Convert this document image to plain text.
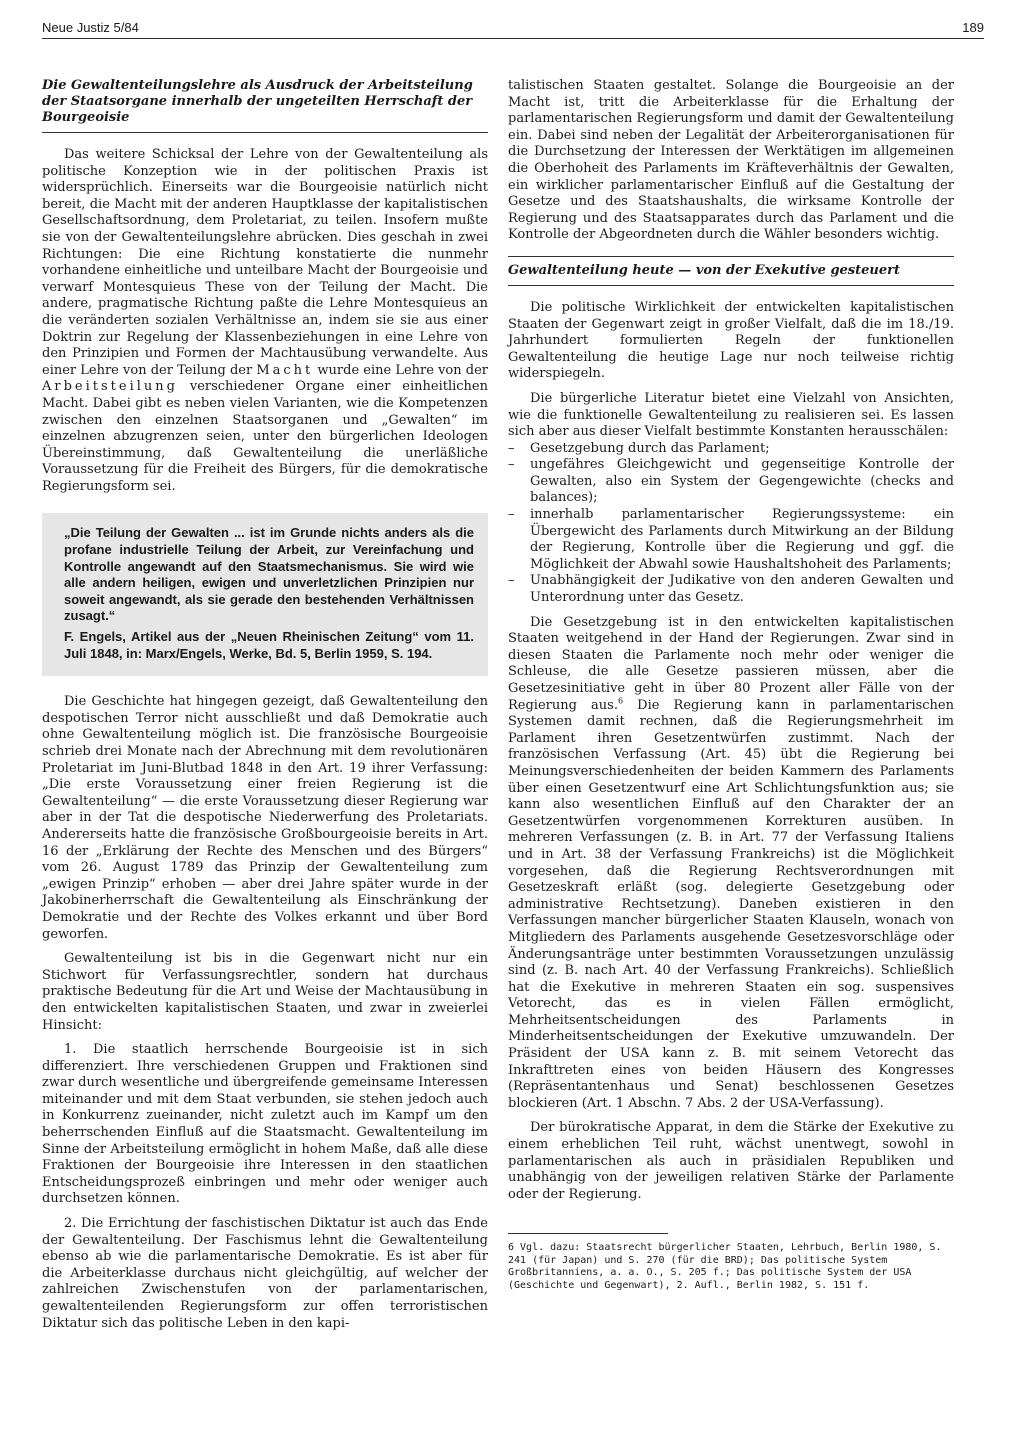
Neue Justiz 5/84	189
Die Gewaltenteilungslehre als Ausdruck der Arbeitsteilung der Staatsorgane innerhalb der ungeteilten Herrschaft der Bourgeoisie

Das weitere Schicksal der Lehre von der Gewaltenteilung als politische Konzeption wie in der politischen Praxis ist widersprüchlich. Einerseits war die Bourgeoisie natürlich nicht bereit, die Macht mit der anderen Hauptklasse der kapitalistischen Gesellschaftsordnung, dem Proletariat, zu teilen. Insofern mußte sie von der Gewaltenteilungslehre abrücken. Dies geschah in zwei Richtungen: Die eine Richtung konstatierte die nunmehr vorhandene einheitliche und unteilbare Macht der Bourgeoisie und verwarf Montesquieus These von der Teilung der Macht. Die andere, pragmatische Richtung paßte die Lehre Montesquieus an die veränderten sozialen Verhältnisse an, indem sie sie aus einer Doktrin zur Regelung der Klassenbeziehungen in eine Lehre von den Prinzipien und Formen der Machtausübung verwandelte. Aus einer Lehre von der Teilung der Macht wurde eine Lehre von der Arbeitsteilung verschiedener Organe einer einheitlichen Macht. Dabei gibt es neben vielen Varianten, wie die Kompetenzen zwischen den einzelnen Staatsorganen und „Gewalten“ im einzelnen abzugrenzen seien, unter den bürgerlichen Ideologen Übereinstimmung, daß Gewaltenteilung die unerläßliche Voraussetzung für die Freiheit des Bürgers, für die demokratische Regierungsform sei.

„Die Teilung der Gewalten ... ist im Grunde nichts anders als die profane industrielle Teilung der Arbeit, zur Vereinfachung und Kontrolle angewandt auf den Staatsmechanismus. Sie wird wie alle andern heiligen, ewigen und unverletzlichen Prinzipien nur soweit angewandt, als sie gerade den bestehenden Verhältnissen zusagt.“

F. Engels, Artikel aus der „Neuen Rheinischen Zeitung“ vom 11. Juli 1848, in: Marx/Engels, Werke, Bd. 5, Berlin 1959, S. 194.

Die Geschichte hat hingegen gezeigt, daß Gewaltenteilung den despotischen Terror nicht ausschließt und daß Demokratie auch ohne Gewaltenteilung möglich ist. Die französische Bourgeoisie schrieb drei Monate nach der Abrechnung mit dem revolutionären Proletariat im Juni-Blutbad 1848 in den Art. 19 ihrer Verfassung: „Die erste Voraussetzung einer freien Regierung ist die Gewaltenteilung“ — die erste Voraussetzung dieser Regierung war aber in der Tat die despotische Niederwerfung des Proletariats. Andererseits hatte die französische Großbourgeoisie bereits in Art. 16 der „Erklärung der Rechte des Menschen und des Bürgers“ vom 26. August 1789 das Prinzip der Gewaltenteilung zum „ewigen Prinzip“ erhoben — aber drei Jahre später wurde in der Jakobinerherrschaft die Gewaltenteilung als Einschränkung der Demokratie und der Rechte des Volkes erkannt und über Bord geworfen.

Gewaltenteilung ist bis in die Gegenwart nicht nur ein Stichwort für Verfassungsrechtler, sondern hat durchaus praktische Bedeutung für die Art und Weise der Machtausübung in den entwickelten kapitalistischen Staaten, und zwar in zweierlei Hinsicht:

1. Die staatlich herrschende Bourgeoisie ist in sich differenziert. Ihre verschiedenen Gruppen und Fraktionen sind zwar durch wesentliche und übergreifende gemeinsame Interessen miteinander und mit dem Staat verbunden, sie stehen jedoch auch in Konkurrenz zueinander, nicht zuletzt auch im Kampf um den beherrschenden Einfluß auf die Staatsmacht. Gewaltenteilung im Sinne der Arbeitsteilung ermöglicht in hohem Maße, daß alle diese Fraktionen der Bourgeoisie ihre Interessen in den staatlichen Entscheidungsprozeß einbringen und mehr oder weniger auch durchsetzen können.

2. Die Errichtung der faschistischen Diktatur ist auch das Ende der Gewaltenteilung. Der Faschismus lehnt die Gewaltenteilung ebenso ab wie die parlamentarische Demokratie. Es ist aber für die Arbeiterklasse durchaus nicht gleichgültig, auf welcher der zahlreichen Zwischenstufen von der parlamentarischen, gewaltenteilenden Regierungsform zur offen terroristischen Diktatur sich das politische Leben in den kapi-

talistischen Staaten gestaltet. Solange die Bourgeoisie an der Macht ist, tritt die Arbeiterklasse für die Erhaltung der parlamentarischen Regierungsform und damit der Gewaltenteilung ein. Dabei sind neben der Legalität der Arbeiterorganisationen für die Durchsetzung der Interessen der Werktätigen im allgemeinen die Oberhoheit des Parlaments im Kräfteverhältnis der Gewalten, ein wirklicher parlamentarischer Einfluß auf die Gestaltung der Gesetze und des Staatshaushalts, die wirksame Kontrolle der Regierung und des Staatsapparates durch das Parlament und die Kontrolle der Abgeordneten durch die Wähler besonders wichtig.

Gewaltenteilung heute — von der Exekutive gesteuert

Die politische Wirklichkeit der entwickelten kapitalistischen Staaten der Gegenwart zeigt in großer Vielfalt, daß die im 18./19. Jahrhundert formulierten Regeln der funktionellen Gewaltenteilung die heutige Lage nur noch teilweise richtig widerspiegeln.

Die bürgerliche Literatur bietet eine Vielzahl von Ansichten, wie die funktionelle Gewaltenteilung zu realisieren sei. Es lassen sich aber aus dieser Vielfalt bestimmte Konstanten herausschälen:

– Gesetzgebung durch das Parlament;
– ungefähres Gleichgewicht und gegenseitige Kontrolle der Gewalten, also ein System der Gegengewichte (checks and balances);
– innerhalb parlamentarischer Regierungssysteme: ein Übergewicht des Parlaments durch Mitwirkung an der Bildung der Regierung, Kontrolle über die Regierung und ggf. die Möglichkeit der Abwahl sowie Haushaltshoheit des Parlaments;
– Unabhängigkeit der Judikative von den anderen Gewalten und Unterordnung unter das Gesetz.

Die Gesetzgebung ist in den entwickelten kapitalistischen Staaten weitgehend in der Hand der Regierungen. Zwar sind in diesen Staaten die Parlamente noch mehr oder weniger die Schleuse, die alle Gesetze passieren müssen, aber die Gesetzesinitiative geht in über 80 Prozent aller Fälle von der Regierung aus.$^6$ Die Regierung kann in parlamentarischen Systemen damit rechnen, daß die Regierungsmehrheit im Parlament ihren Gesetzentwürfen zustimmt. Nach der französischen Verfassung (Art. 45) übt die Regierung bei Meinungsverschiedenheiten der beiden Kammern des Parlaments über einen Gesetzentwurf eine Art Schlichtungsfunktion aus; sie kann also wesentlichen Einfluß auf den Charakter der an Gesetzentwürfen vorgenommenen Korrekturen ausüben. In mehreren Verfassungen (z. B. in Art. 77 der Verfassung Italiens und in Art. 38 der Verfassung Frankreichs) ist die Möglichkeit vorgesehen, daß die Regierung Rechtsverordnungen mit Gesetzeskraft erläßt (sog. delegierte Gesetzgebung oder administrative Rechtsetzung). Daneben existieren in den Verfassungen mancher bürgerlicher Staaten Klauseln, wonach von Mitgliedern des Parlaments ausgehende Gesetzesvorschläge oder Änderungsanträge unter bestimmten Voraussetzungen unzulässig sind (z. B. nach Art. 40 der Verfassung Frankreichs). Schließlich hat die Exekutive in mehreren Staaten ein sog. suspensives Vetorecht, das es in vielen Fällen ermöglicht, Mehrheitsentscheidungen des Parlaments in Minderheitsentscheidungen der Exekutive umzuwandeln. Der Präsident der USA kann z. B. mit seinem Vetorecht das Inkrafttreten eines von beiden Häusern des Kongresses (Repräsentantenhaus und Senat) beschlossenen Gesetzes blockieren (Art. 1 Abschn. 7 Abs. 2 der USA-Verfassung).

Der bürokratische Apparat, in dem die Stärke der Exekutive zu einem erheblichen Teil ruht, wächst unentwegt, sowohl in parlamentarischen als auch in präsidialen Republiken und unabhängig von der jeweiligen relativen Stärke der Parlamente oder der Regierung.

6 Vgl. dazu: Staatsrecht bürgerlicher Staaten, Lehrbuch, Berlin 1980, S. 241 (für Japan) und S. 270 (für die BRD); Das politische System Großbritanniens, a. a. O., S. 205 f.; Das politische System der USA (Geschichte und Gegenwart), 2. Aufl., Berlin 1982, S. 151 f.
